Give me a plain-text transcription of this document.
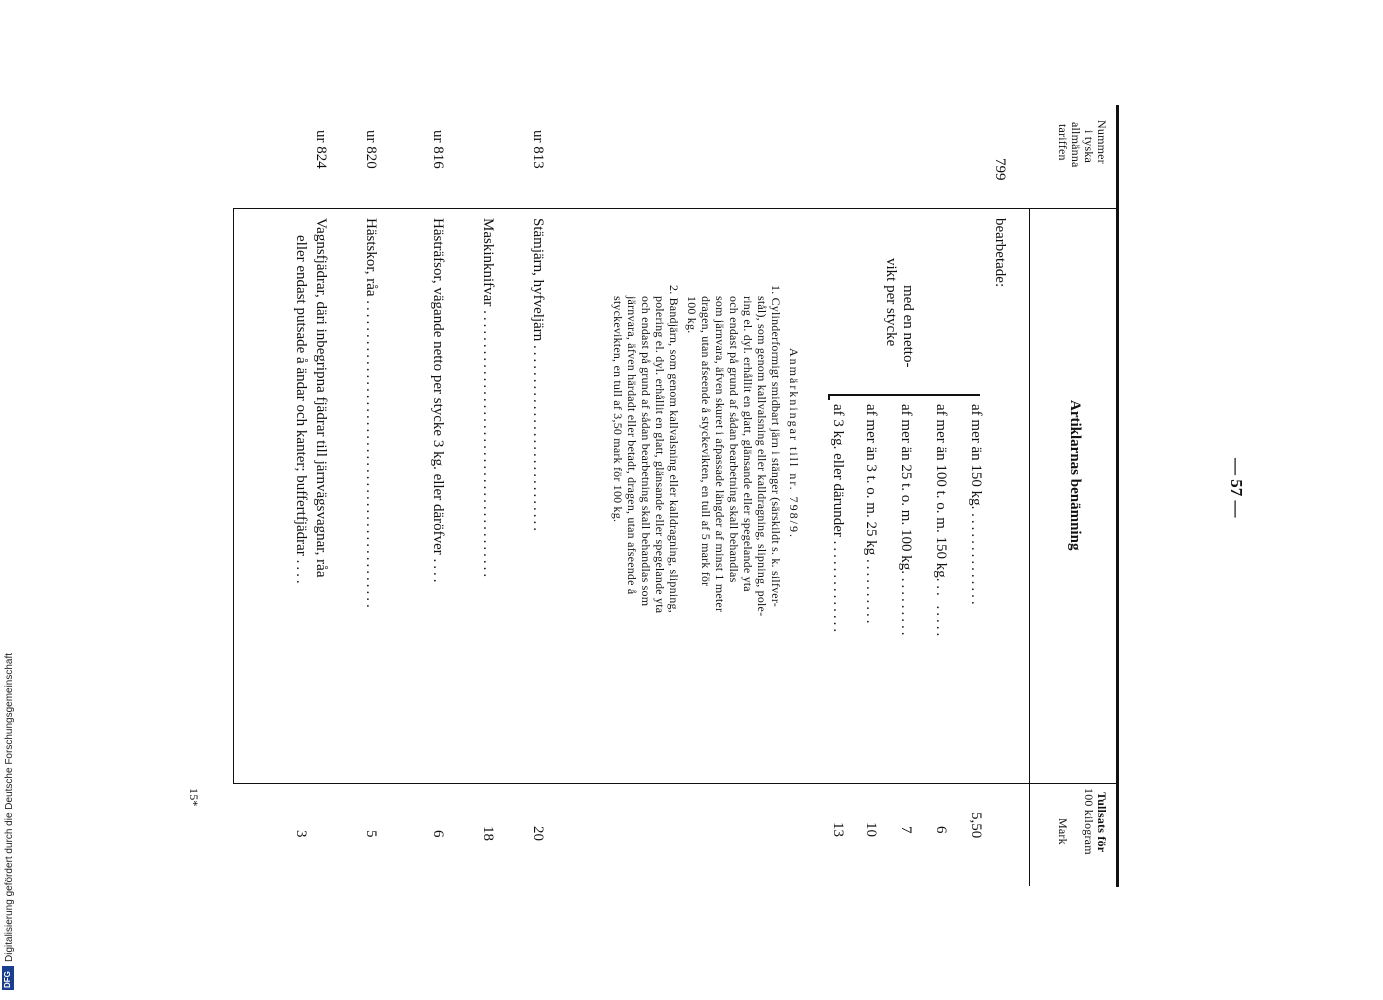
— 57 —
Nummer
i tyska
allmänna
tariffen
Artiklarnas benämning
Tullsats för
100 kilogram
Mark
799
bearbetade:
med en netto-
vikt per stycke
af mer än 150 kg. ..............
5,50
af mer än 100 t. o. m. 150 kg. .. .....
6
af mer än 25 t. o. m. 100 kg. .........
7
af mer än 3 t. o. m. 25 kg ..........
10
af 3 kg. eller därunder ..............
13
Anmärkningar till nr. 798/9.
1. Cylinderformigt smidbart järn i stänger (särskildt s. k. silfver-
stål), som genom kallvalsning eller kalldragning, slipning, pole-
ring el. dyl. erhållit en glatt, glänsande eller spegelande yta
och endast på grund af sådan bearbetning skall behandlas
som järnvara, äfven skuret i afpassade längder af minst 1 meter
dragen, utan afseende å styckevikten, en tull af 5 mark för
100 kg.
2. Bandjärn, som genom kallvalsning eller kalldragning, slipning,
polering el. dyl. erhållit en glatt, glänsande eller spegelande yta
och endast på grund af sådan bearbetning skall behandlas som
järnvara, äfven härdadt eller betadt, dragen, utan afseende å
styckevikten, en tull af 3,50 mark för 100 kg.
ur 813
Stämjärn, hyfveljärn ............................
20
Maskinknifvar ........................................
18
ur 816
Hästräfsor, vägande netto per stycke 3 kg. eller däröfver ....
6
ur 820
Hästskor, råa ..............................................
5
ur 824
Vagnsfjädrar, däri inbegripna fjädrar till järnvägsvagnar, råa
eller endast putsade å ändar och kanter; buffertfjädrar ....
3
15*
Digitalisierung gefördert durch die Deutsche Forschungsgemeinschaft
DFG
